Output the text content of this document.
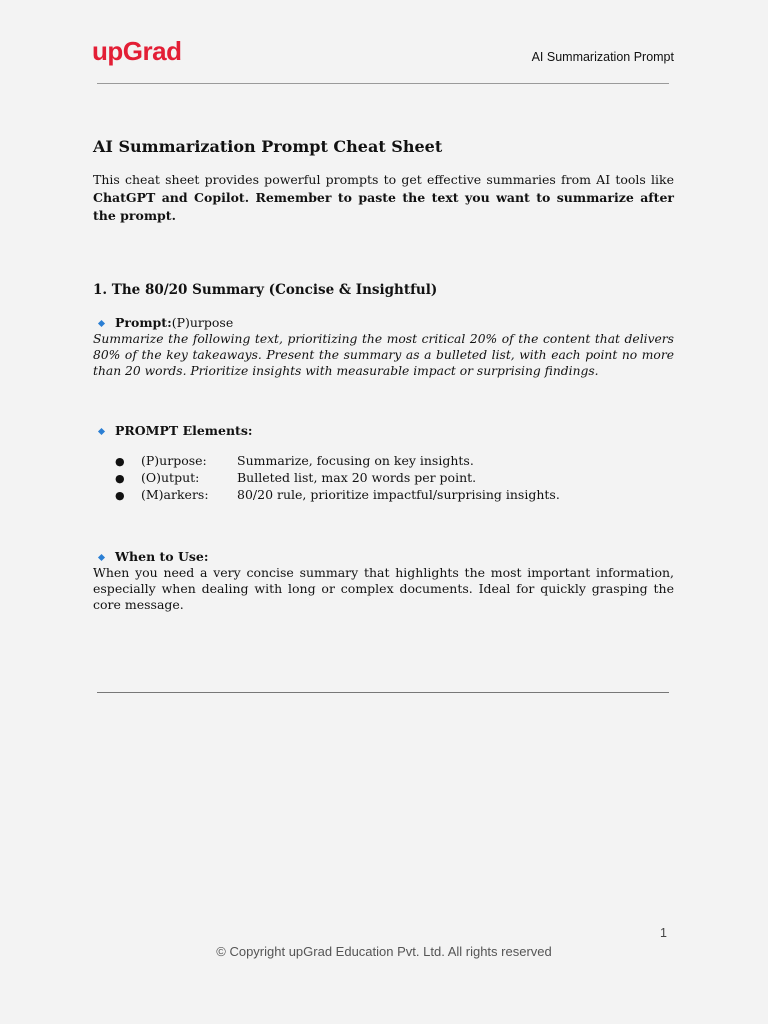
upGrad	AI Summarization Prompt
AI Summarization Prompt Cheat Sheet

This cheat sheet provides powerful prompts to get effective summaries from AI tools like ChatGPT and Copilot. Remember to paste the text you want to summarize after the prompt.

1. The 80/20 Summary (Concise & Insightful)
Prompt:(P)urpose
Summarize the following text, prioritizing the most critical 20% of the content that delivers 80% of the key takeaways. Present the summary as a bulleted list, with each point no more than 20 words. Prioritize insights with measurable impact or surprising findings.
PROMPT Elements:
●	(P)urpose:	Summarize, focusing on key insights.
●	(O)utput:	Bulleted list, max 20 words per point.
●	(M)arkers:	80/20 rule, prioritize impactful/surprising insights.
When to Use:
When you need a very concise summary that highlights the most important information, especially when dealing with long or complex documents. Ideal for quickly grasping the core message.
1
© Copyright upGrad Education Pvt. Ltd. All rights reserved
